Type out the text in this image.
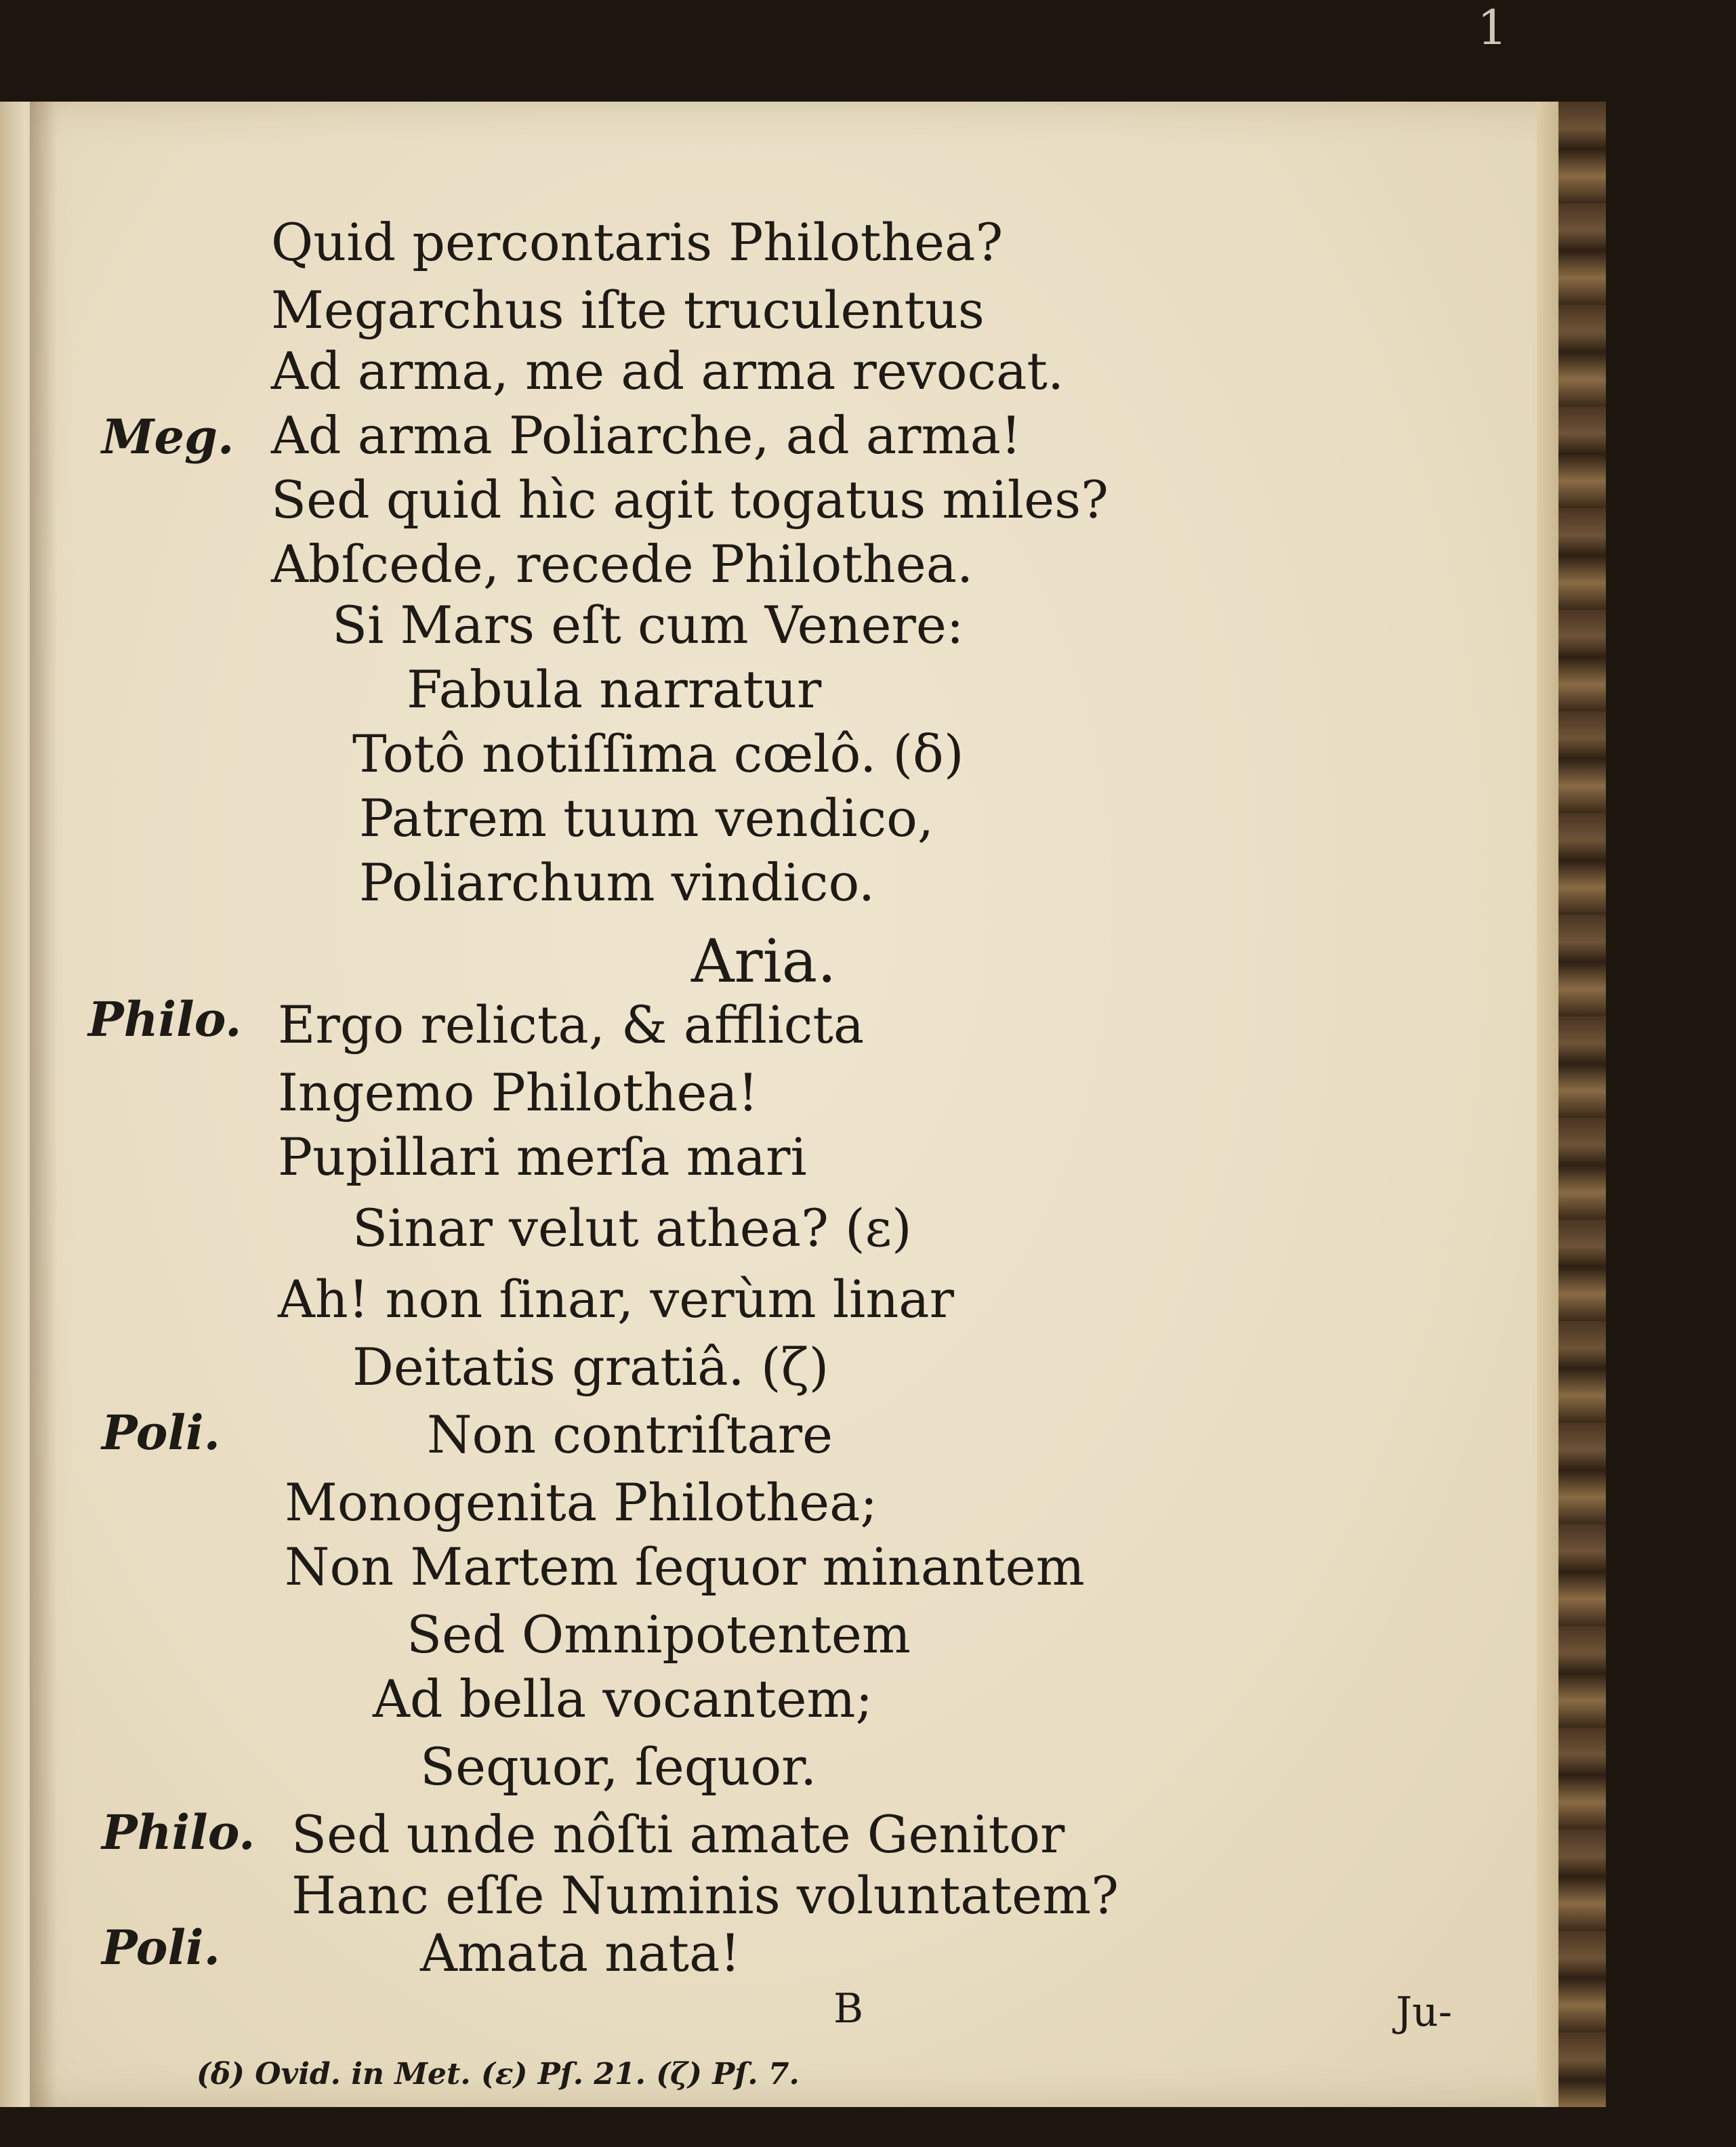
1
Meg.
Philo.
Poli.
Philo.
Poli.
Quid percontaris Philothea?
Megarchus iſte truculentus
Ad arma, me ad arma revocat.
Ad arma Poliarche, ad arma!
Sed quid hìc agit togatus miles?
Abſcede, recede Philothea.
Si Mars eſt cum Venere:
Fabula narratur
Totô notiſſima cœlô. (δ)
Patrem tuum vendico,
Poliarchum vindico.
Aria.
Ergo relicta, & afflicta
Ingemo Philothea!
Pupillari merſa mari
Sinar velut athea? (ε)
Ah! non ſinar, verùm linar
Deitatis gratiâ. (ζ)
Non contriſtare
Monogenita Philothea;
Non Martem ſequor minantem
Sed Omnipotentem
Ad bella vocantem;
Sequor, ſequor.
Sed unde nôſti amate Genitor
Hanc eſſe Numinis voluntatem?
Amata nata!
B	Ju-
(δ) Ovid. in Met. (ε) Pſ. 21. (ζ) Pſ. 7.
